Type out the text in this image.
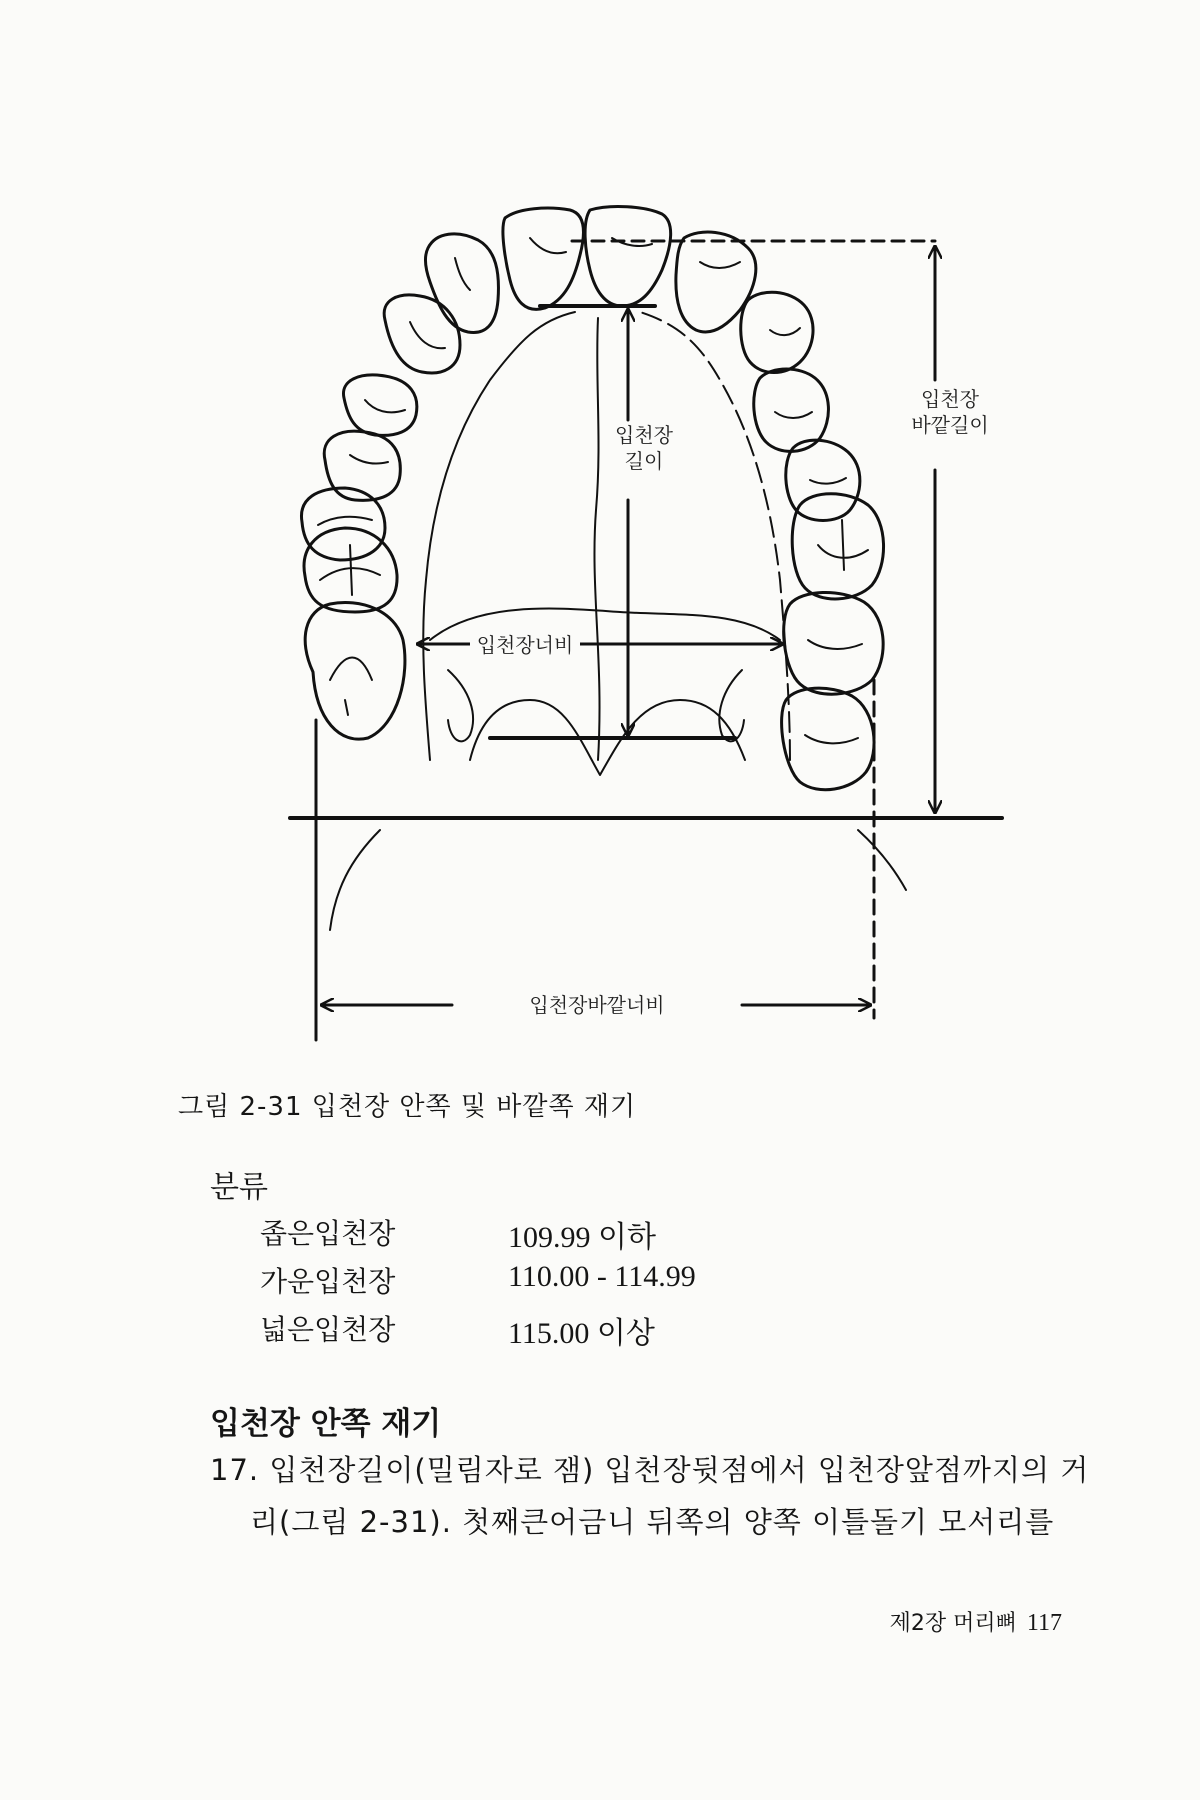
입천장
길이
입천장
바깥길이
입천장너비
입천장바깥너비
그림 2-31 입천장 안쪽 및 바깥쪽 재기
분류
좁은입천장	109.99 이하
가운입천장	110.00 - 114.99
넓은입천장	115.00 이상
입천장 안쪽 재기
17. 입천장길이(밀림자로 잼) 입천장뒷점에서 입천장앞점까지의 거
리(그림 2-31). 첫째큰어금니 뒤쪽의 양쪽 이틀돌기 모서리를
제2장 머리뼈 117
